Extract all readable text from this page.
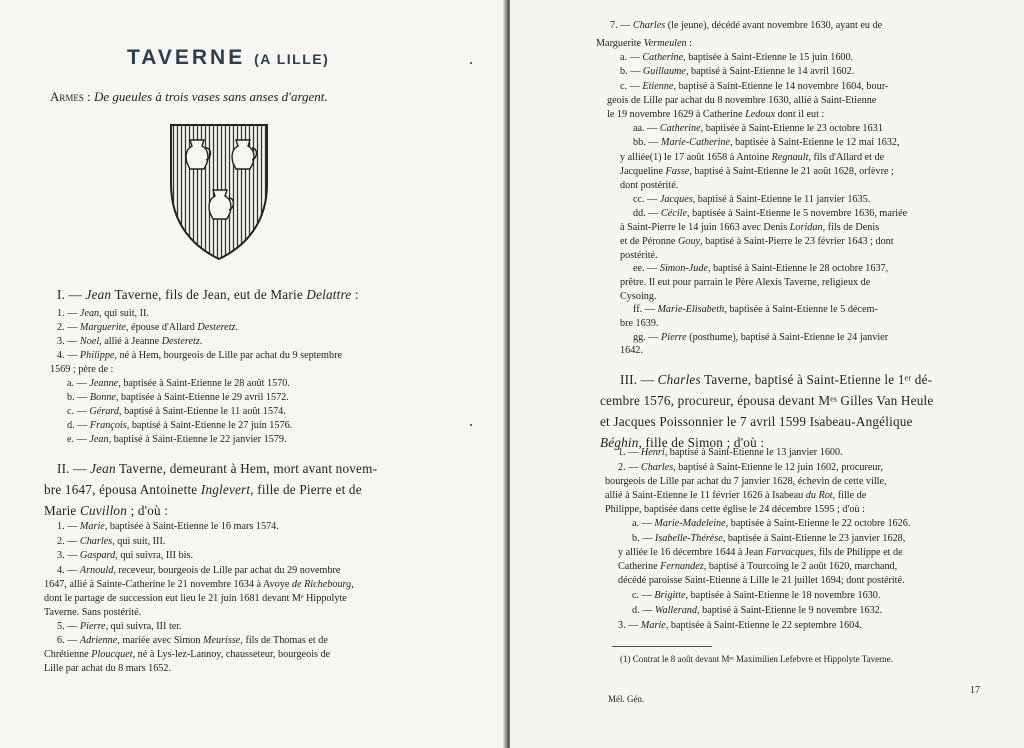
TAVERNE (A LILLE)
Armes : De gueules à trois vases sans anses d'argent.
I. — Jean Taverne, fils de Jean, eut de Marie Delattre :
1. — Jean, qui suit, II.
2. — Marguerite, épouse d'Allard Desteretz.
3. — Noel, allié à Jeanne Desteretz.
4. — Philippe, né à Hem, bourgeois de Lille par achat du 9 septembre
1569 ; père de :
a. — Jeanne, baptisée à Saint-Etienne le 28 août 1570.
b. — Bonne, baptisée à Saint-Etienne le 29 avril 1572.
c. — Gérard, baptisé à Saint-Etienne le 11 août 1574.
d. — François, baptisé à Saint-Etienne le 27 juin 1576.
e. — Jean, baptisé à Saint-Etienne le 22 janvier 1579.
II. — Jean Taverne, demeurant à Hem, mort avant novem-
bre 1647, épousa Antoinette Inglevert, fille de Pierre et de
Marie Cuvillon ; d'où :
1. — Marie, baptisée à Saint-Etienne le 16 mars 1574.
2. — Charles, qui suit, III.
3. — Gaspard, qui suivra, III bis.
4. — Arnould, receveur, bourgeois de Lille par achat du 29 novembre
1647, allié à Sainte-Catherine le 21 novembre 1634 à Avoye de Richebourg,
dont le partage de succession eut lieu le 21 juin 1681 devant Mᵉ Hippolyte
Taverne. Sans postérité.
5. — Pierre, qui suivra, III ter.
6. — Adrienne, mariée avec Simon Meurisse, fils de Thomas et de
Chrétienne Ploucquet, né à Lys-lez-Lannoy, chausseteur, bourgeois de
Lille par achat du 8 mars 1652.
7. — Charles (le jeune), décédé avant novembre 1630, ayant eu de
Marguerite Vermeulen :
a. — Catherine, baptisée à Saint-Etienne le 15 juin 1600.
b. — Guillaume, baptisé à Saint-Etienne le 14 avril 1602.
c. — Etienne, baptisé à Saint-Etienne le 14 novembre 1604, bour-
geois de Lille par achat du 8 novembre 1630, allié à Saint-Etienne
le 19 novembre 1629 à Catherine Ledoux dont il eut :
aa. — Catherine, baptisée à Saint-Etienne le 23 octobre 1631
bb. — Marie-Catherine, baptisée à Saint-Etienne le 12 mai 1632,
y alliée(1) le 17 août 1658 à Antoine Regnault, fils d'Allard et de
Jacqueline Fasse, baptisé à Saint-Etienne le 21 août 1628, orfèvre ;
dont postérité.
cc. — Jacques, baptisé à Saint-Etienne le 11 janvier 1635.
dd. — Cécile, baptisée à Saint-Etienne le 5 novembre 1636, mariée
à Saint-Pierre le 14 juin 1663 avec Denis Loridan, fils de Denis
et de Péronne Gouy, baptisé à Saint-Pierre le 23 février 1643 ; dont
postérité.
ee. — Simon-Jude, baptisé à Saint-Etienne le 28 octobre 1637,
prêtre. Il eut pour parrain le Père Alexis Taverne, religieux de
Cysoing.
ff. — Marie-Elisabeth, baptisée à Saint-Etienne le 5 décem-
bre 1639.
gg. — Pierre (posthume), baptisé à Saint-Etienne le 24 janvier
1642.
III. — Charles Taverne, baptisé à Saint-Etienne le 1ᵉʳ dé-
cembre 1576, procureur, épousa devant Mᵉˢ Gilles Van Heule
et Jacques Poissonnier le 7 avril 1599 Isabeau-Angélique
Béghin, fille de Simon ; d'où :
1. — Henri, baptisé à Saint-Etienne le 13 janvier 1600.
2. — Charles, baptisé à Saint-Etienne le 12 juin 1602, procureur,
bourgeois de Lille par achat du 7 janvier 1628, échevin de cette ville,
allié à Saint-Etienne le 11 février 1626 à Isabeau du Rot, fille de
Philippe, baptisée dans cette église le 24 décembre 1595 ; d'où :
a. — Marie-Madeleine, baptisée à Saint-Etienne le 22 octobre 1626.
b. — Isabelle-Thérèse, baptisée à Saint-Etienne le 23 janvier 1628,
y alliée le 16 décembre 1644 à Jean Farvacques, fils de Philippe et de
Catherine Fernandez, baptisé à Tourcoing le 2 août 1620, marchand,
décédé paroisse Saint-Etienne à Lille le 21 juillet 1694; dont postérité.
c. — Brigitte, baptisée à Saint-Etienne le 18 novembre 1630.
d. — Wallerand, baptisé à Saint-Etienne le 9 novembre 1632.
3. — Marie, baptisée à Saint-Etienne le 22 septembre 1604.
(1) Contrat le 8 août devant Mᵉˢ Maximilien Lefebvre et Hippolyte Taverne.
Mél. Gén.
17
